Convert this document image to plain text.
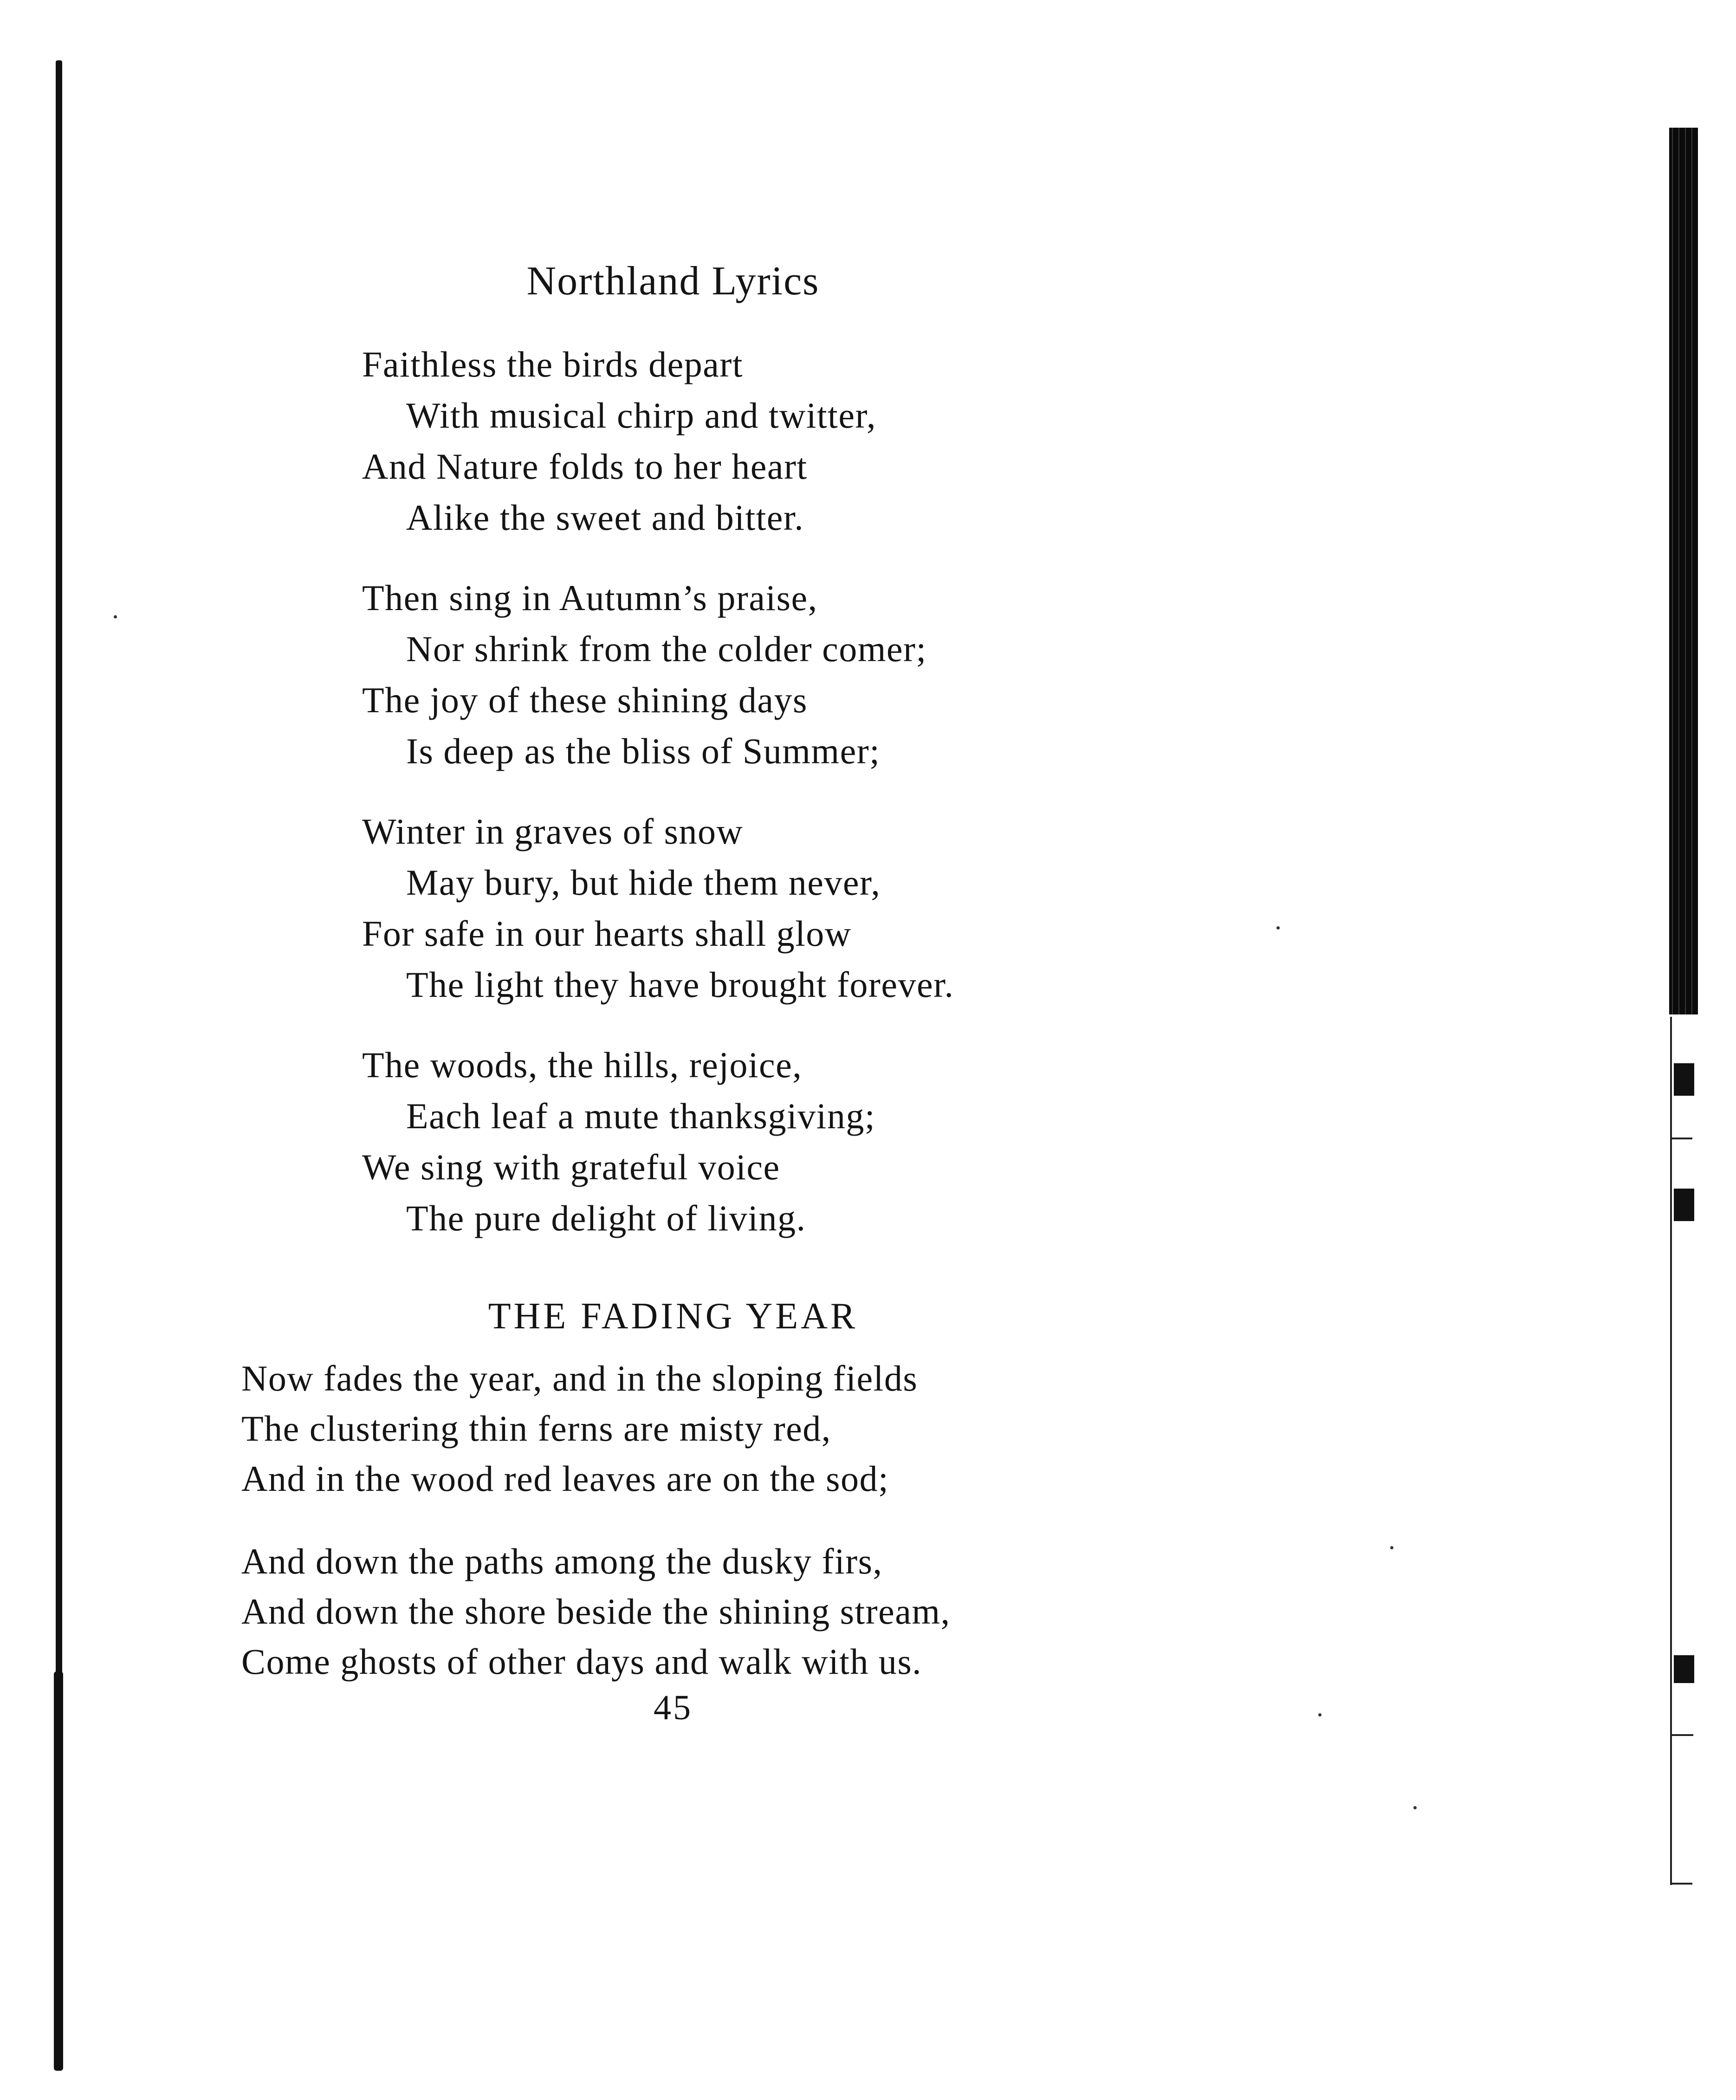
Northland Lyrics
Faithless the birds depart
With musical chirp and twitter,
And Nature folds to her heart
Alike the sweet and bitter.
Then sing in Autumn’s praise,
Nor shrink from the colder comer;
The joy of these shining days
Is deep as the bliss of Summer;
Winter in graves of snow
May bury, but hide them never,
For safe in our hearts shall glow
The light they have brought forever.
The woods, the hills, rejoice,
Each leaf a mute thanksgiving;
We sing with grateful voice
The pure delight of living.
THE FADING YEAR
Now fades the year, and in the sloping fields
The clustering thin ferns are misty red,
And in the wood red leaves are on the sod;
And down the paths among the dusky firs,
And down the shore beside the shining stream,
Come ghosts of other days and walk with us.
45
